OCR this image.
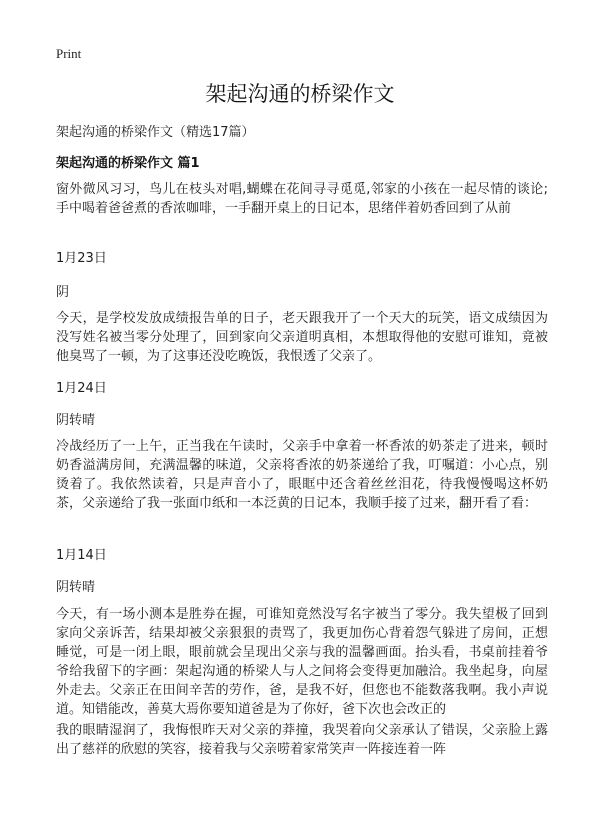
Print
架起沟通的桥梁作文
架起沟通的桥梁作文（精选17篇）
架起沟通的桥梁作文 篇1
窗外微风习习，鸟儿在枝头对唱,蝴蝶在花间寻寻觅觅,邻家的小孩在一起尽情的谈论;手中喝着爸爸煮的香浓咖啡，一手翻开桌上的日记本，思绪伴着奶香回到了从前
1月23日
阴
今天，是学校发放成绩报告单的日子，老天跟我开了一个天大的玩笑，语文成绩因为没写姓名被当零分处理了，回到家向父亲道明真相，本想取得他的安慰可谁知，竟被他臭骂了一顿，为了这事还没吃晚饭，我恨透了父亲了。
1月24日
阴转晴
冷战经历了一上午，正当我在午读时，父亲手中拿着一杯香浓的奶茶走了进来，顿时奶香溢满房间，充满温馨的味道，父亲将香浓的奶茶递给了我，叮嘱道：小心点，别烫着了。我依然读着，只是声音小了，眼眶中还含着丝丝泪花，待我慢慢喝这杯奶茶，父亲递给了我一张面巾纸和一本泛黄的日记本，我顺手接了过来，翻开看了看：
1月14日
阴转晴
今天，有一场小测本是胜券在握，可谁知竟然没写名字被当了零分。我失望极了回到家向父亲诉苦，结果却被父亲狠狠的责骂了，我更加伤心背着怨气躲进了房间，正想睡觉，可是一闭上眼，眼前就会呈现出父亲与我的温馨画面。抬头看，书桌前挂着爷爷给我留下的字画：架起沟通的桥梁人与人之间将会变得更加融洽。我坐起身，向屋外走去。父亲正在田间辛苦的劳作，爸，是我不好，但您也不能数落我啊。我小声说道。知错能改，善莫大焉你要知道爸是为了你好，爸下次也会改正的
我的眼睛湿润了，我悔恨昨天对父亲的莽撞，我哭着向父亲承认了错误，父亲脸上露出了慈祥的欣慰的笑容，接着我与父亲唠着家常笑声一阵接连着一阵
